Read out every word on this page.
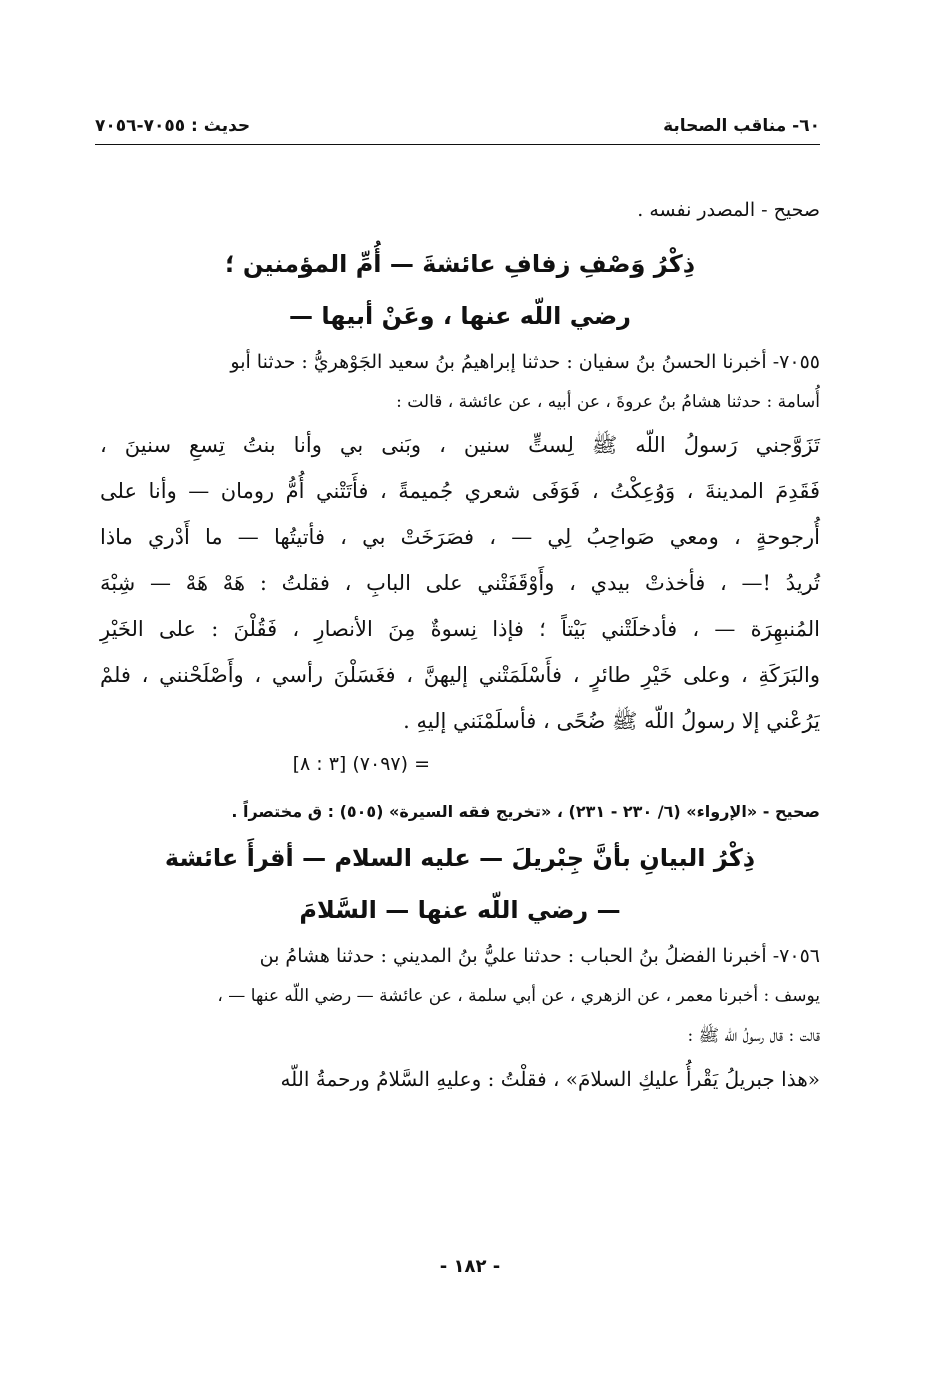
٦٠- مناقب الصحابة
حديث : ٧٠٥٥-٧٠٥٦
صحيح - المصدر نفسه .
ذِكْرُ وَصْفِ زفافِ عائشةَ — أُمِّ المؤمنين ؛
رضي اللّه عنها ، وعَنْ أبيها —
٧٠٥٥- أخبرنا الحسنُ بنُ سفيان : حدثنا إبراهيمُ بنُ سعيد الجَوْهريُّ : حدثنا أبو
أُسامة : حدثنا هشامُ بنُ عروةَ ، عن أبيه ، عن عائشة ، قالت :
تَزَوَّجني رَسولُ اللّه ﷺ لِستٍّ سنين ، وبَنى بي وأنا بنتُ تِسعِ سنينَ ،
فَقَدِمَ المدينةَ ، وَوُعِكْتُ ، فَوَفَى شعري جُميمةً ، فأَتَتْني أُمُّ رومان — وأنا على
أُرجوحةٍ ، ومعي صَواحِبُ لِي — ، فصَرَخَتْ بي ، فأتيتُها — ما أَدْري ماذا
تُريدُ !— ، فأخذتْ بيدي ، وأَوْقَفَتْني على البابِ ، فقلتُ : هَهْ هَهْ — شِبْهَ
المُنبهِرَة — ، فأدخلَتْني بَيْتاً ؛ فإذا نِسوةٌ مِنَ الأنصارِ ، فَقُلْنَ : على الخَيْرِ
والبَرَكَةِ ، وعلى خَيْرِ طائرٍ ، فأَسْلَمَتْني إليهنَّ ، فغَسَلْنَ رأسي ، وأَصْلَحْنني ، فلمْ
يَرُعْني إلا رسولُ اللّه ﷺ ضُحًى ، فأسلَمْنَني إليهِ .
= (٧٠٩٧) [٣ : ٨]
صحيح - «الإرواء» (٦/ ٢٣٠ - ٢٣١) ، «تخريج فقه السيرة» (٥٠٥) : ق مختصراً .
ذِكْرُ البيانِ بأنَّ جِبْريلَ — عليه السلام — أقرأَ عائشة
— رضي اللّه عنها — السَّلامَ
٧٠٥٦- أخبرنا الفضلُ بنُ الحباب : حدثنا عليُّ بنُ المديني : حدثنا هشامُ بن
يوسف : أخبرنا معمر ، عن الزهري ، عن أبي سلمة ، عن عائشة — رضي اللّه عنها — ،
قالت : قال رسولُ اللّه ﷺ :
«هذا جبريلُ يَقْرأُ عليكِ السلامَ» ، فقلْتُ : وعليهِ السَّلامُ ورحمةُ اللّه
- ١٨٢ -
